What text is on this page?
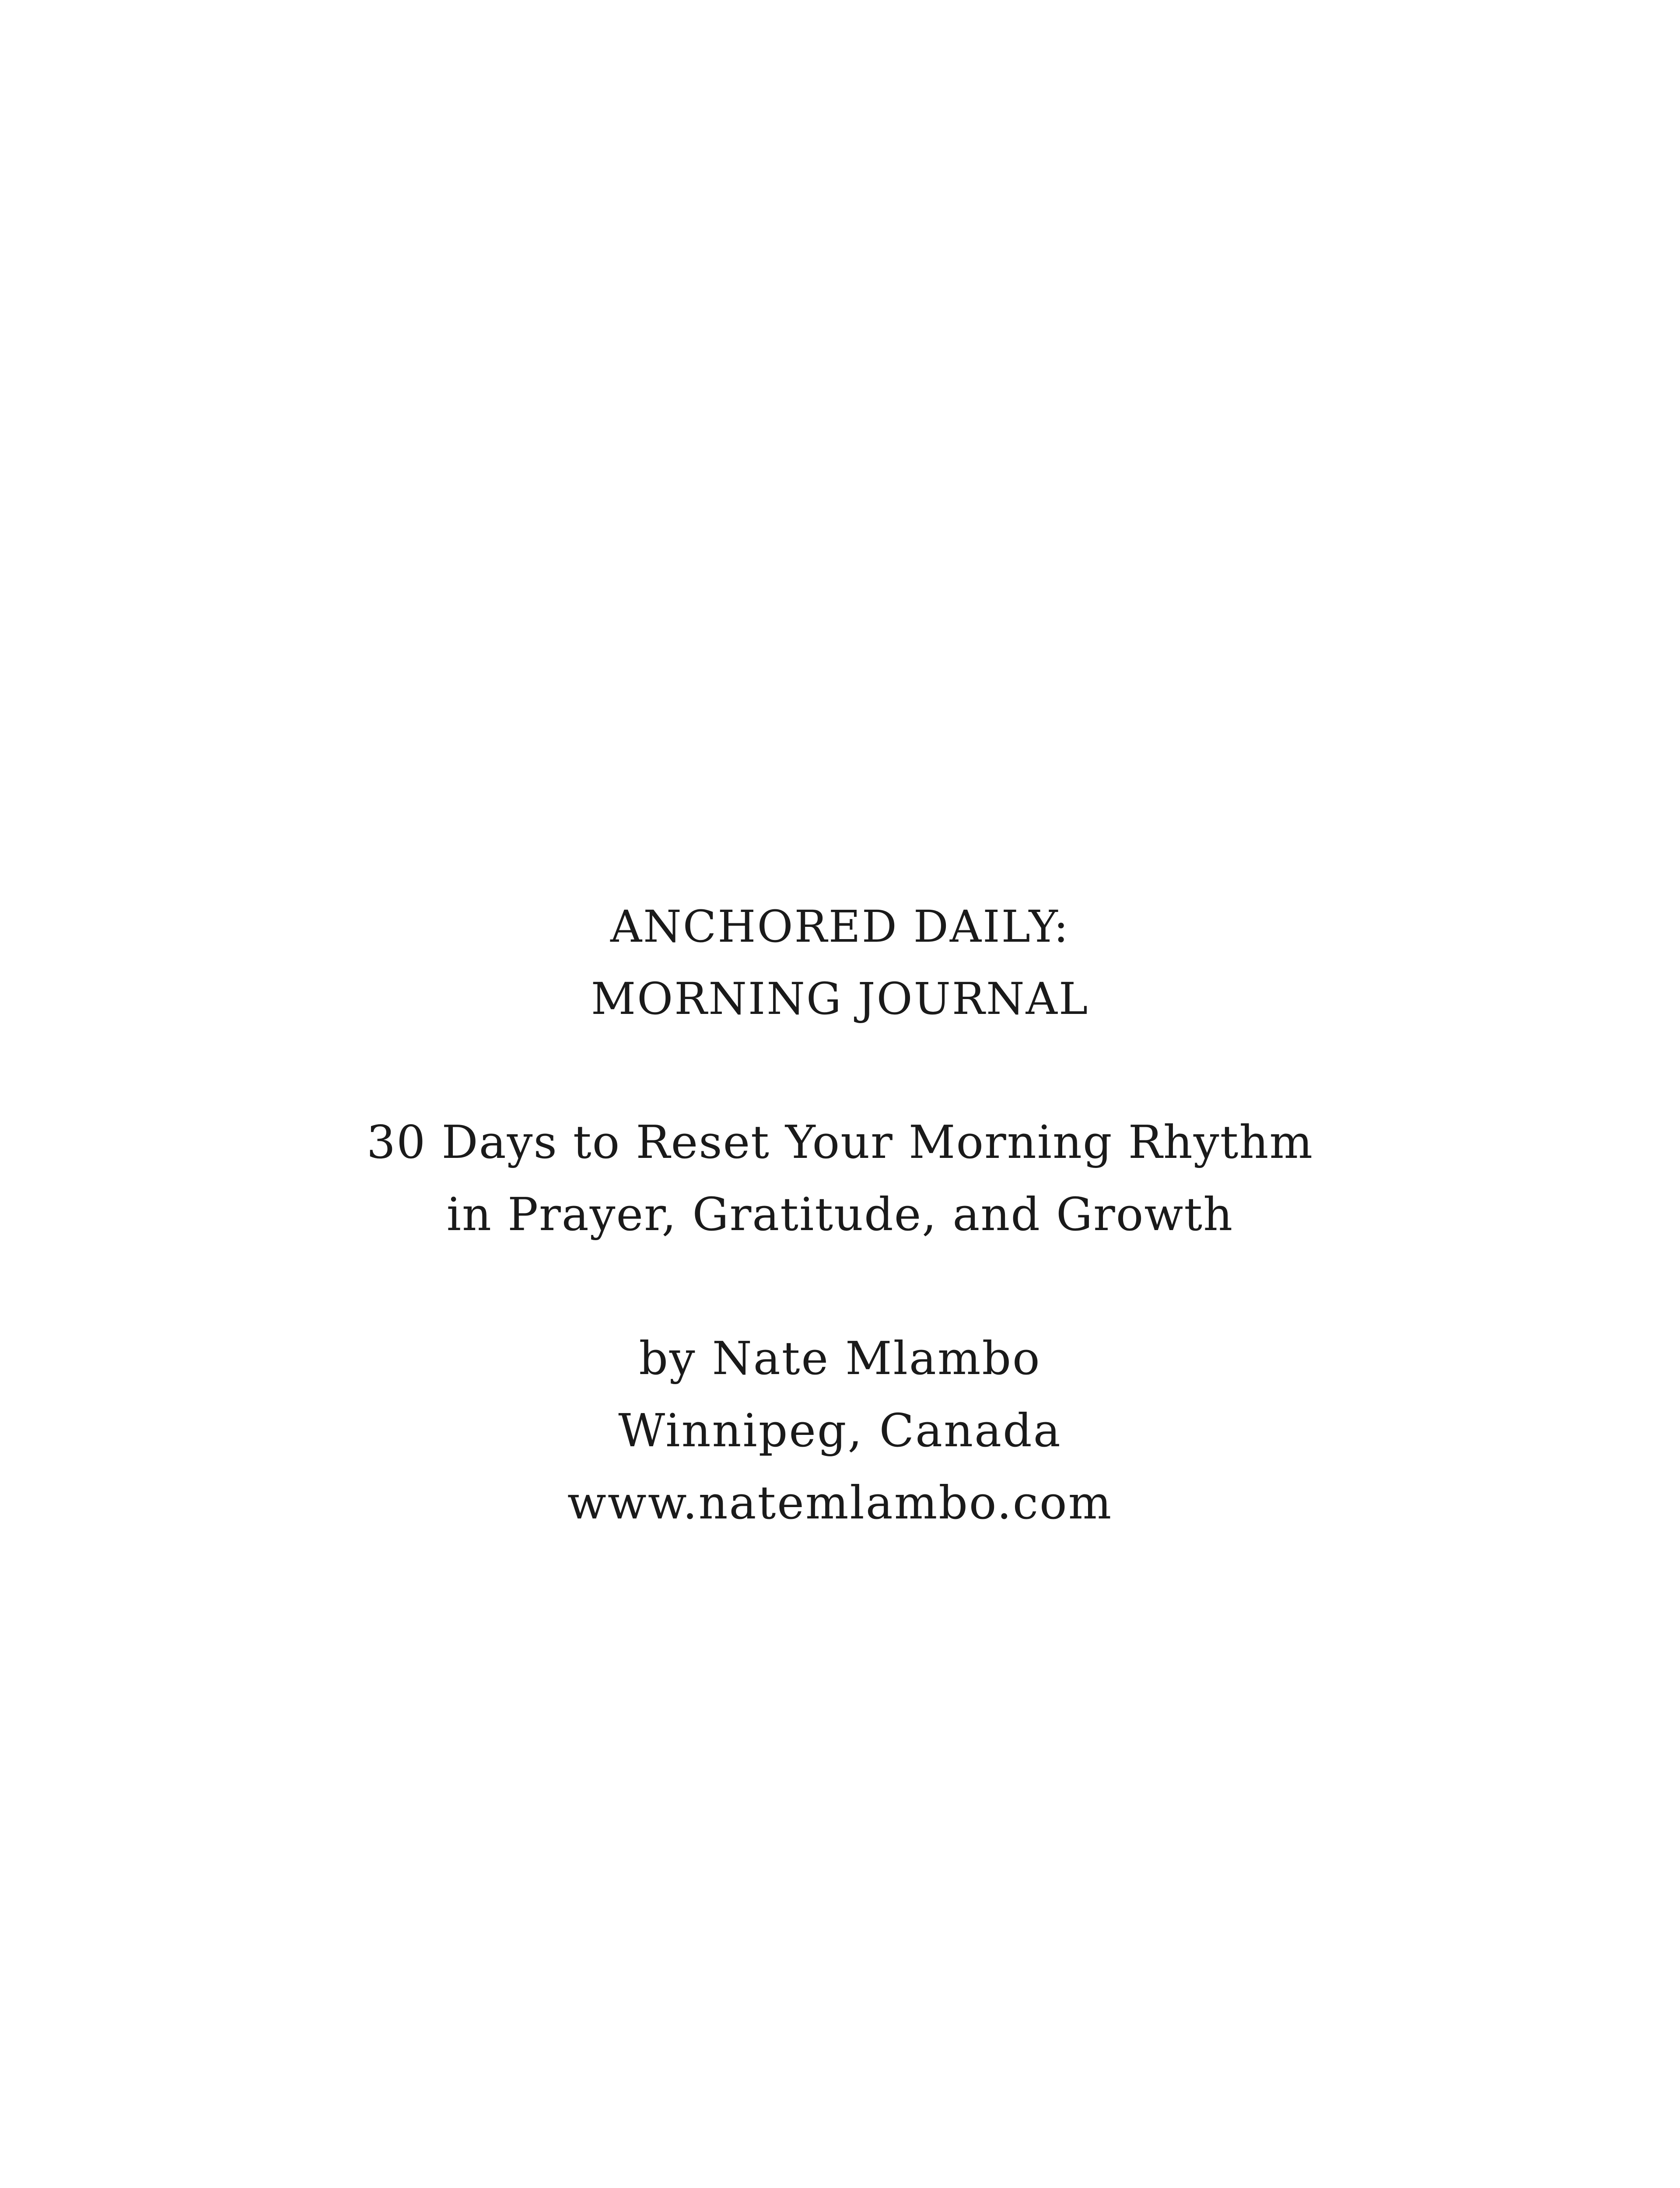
ANCHORED DAILY:
MORNING JOURNAL
30 Days to Reset Your Morning Rhythm
in Prayer, Gratitude, and Growth
by Nate Mlambo
Winnipeg, Canada
www.natemlambo.com
